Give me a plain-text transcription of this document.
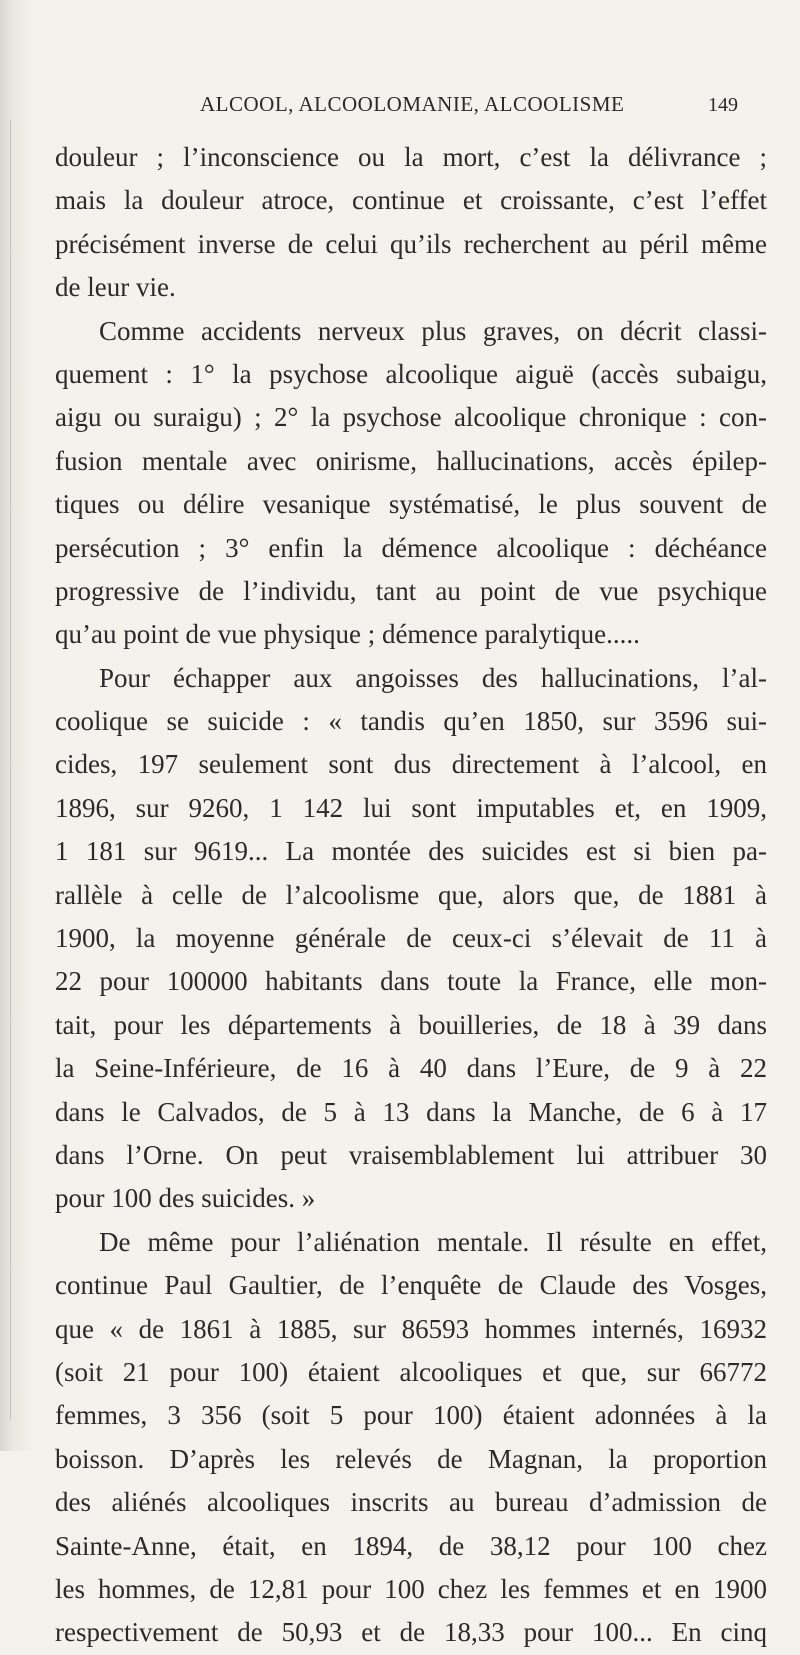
ALCOOL, ALCOOLOMANIE, ALCOOLISME	149
douleur ; l’inconscience ou la mort, c’est la délivrance ;
mais la douleur atroce, continue et croissante, c’est l’effet
précisément inverse de celui qu’ils recherchent au péril même
de leur vie.
Comme accidents nerveux plus graves, on décrit classi-
quement : 1° la psychose alcoolique aiguë (accès subaigu,
aigu ou suraigu) ; 2° la psychose alcoolique chronique : con-
fusion mentale avec onirisme, hallucinations, accès épilep-
tiques ou délire vesanique systématisé, le plus souvent de
persécution ; 3° enfin la démence alcoolique : déchéance
progressive de l’individu, tant au point de vue psychique
qu’au point de vue physique ; démence paralytique.....
Pour échapper aux angoisses des hallucinations, l’al-
coolique se suicide : « tandis qu’en 1850, sur 3596 sui-
cides, 197 seulement sont dus directement à l’alcool, en
1896, sur 9260, 1 142 lui sont imputables et, en 1909,
1 181 sur 9619... La montée des suicides est si bien pa-
rallèle à celle de l’alcoolisme que, alors que, de 1881 à
1900, la moyenne générale de ceux-ci s’élevait de 11 à
22 pour 100000 habitants dans toute la France, elle mon-
tait, pour les départements à bouilleries, de 18 à 39 dans
la Seine-Inférieure, de 16 à 40 dans l’Eure, de 9 à 22
dans le Calvados, de 5 à 13 dans la Manche, de 6 à 17
dans l’Orne. On peut vraisemblablement lui attribuer 30
pour 100 des suicides. »
De même pour l’aliénation mentale. Il résulte en effet,
continue Paul Gaultier, de l’enquête de Claude des Vosges,
que « de 1861 à 1885, sur 86593 hommes internés, 16932
(soit 21 pour 100) étaient alcooliques et que, sur 66772
femmes, 3 356 (soit 5 pour 100) étaient adonnées à la
boisson. D’après les relevés de Magnan, la proportion
des aliénés alcooliques inscrits au bureau d’admission de
Sainte-Anne, était, en 1894, de 38,12 pour 100 chez
les hommes, de 12,81 pour 100 chez les femmes et en 1900
respectivement de 50,93 et de 18,33 pour 100... En cinq
